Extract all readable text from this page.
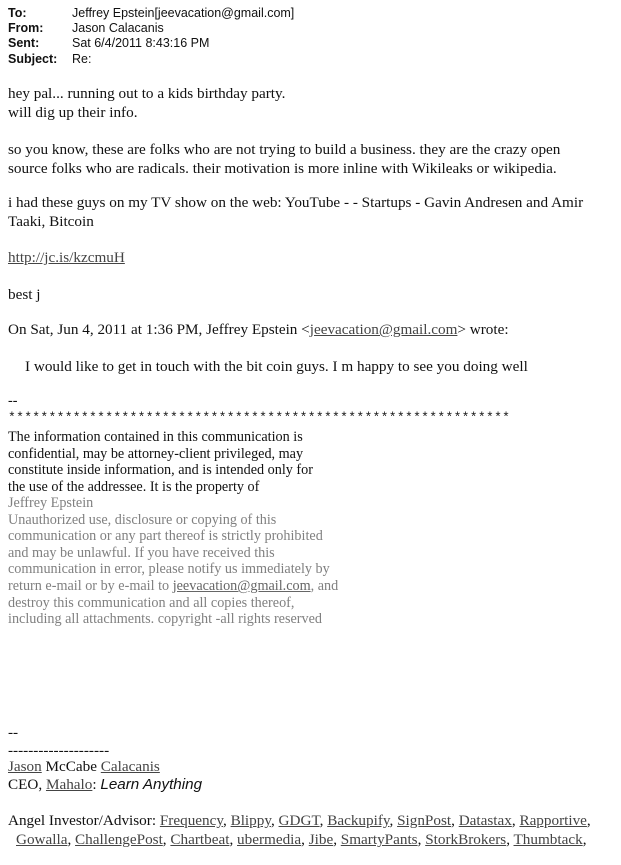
To:	Jeffrey Epstein[jeevacation@gmail.com]
From:	Jason Calacanis
Sent:	Sat 6/4/2011 8:43:16 PM
Subject:	Re:
hey pal... running out to a kids birthday party.
will dig up their info.
so you know, these are folks who are not trying to build a business. they are the crazy open
source folks who are radicals. their motivation is more inline with Wikileaks or wikipedia.
i had these guys on my TV show on the web: YouTube - - Startups - Gavin Andresen and Amir
Taaki, Bitcoin
http://jc.is/kzcmuH
best j
On Sat, Jun 4, 2011 at 1:36 PM, Jeffrey Epstein <jeevacation@gmail.com> wrote:
I would like to get in touch with the bit coin guys. I m happy to see you doing well
--
**************************************************************
The information contained in this communication is
confidential, may be attorney-client privileged, may
constitute inside information, and is intended only for
the use of the addressee. It is the property of
Jeffrey Epstein
Unauthorized use, disclosure or copying of this
communication or any part thereof is strictly prohibited
and may be unlawful. If you have received this
communication in error, please notify us immediately by
return e-mail or by e-mail to jeevacation@gmail.com, and
destroy this communication and all copies thereof,
including all attachments. copyright -all rights reserved
--
--------------------
Jason McCabe Calacanis
CEO, Mahalo: Learn Anything
Angel Investor/Advisor: Frequency, Blippy, GDGT, Backupify, SignPost, Datastax, Rapportive,
Gowalla, ChallengePost, Chartbeat, ubermedia, Jibe, SmartyPants, StorkBrokers, Thumbtack,
